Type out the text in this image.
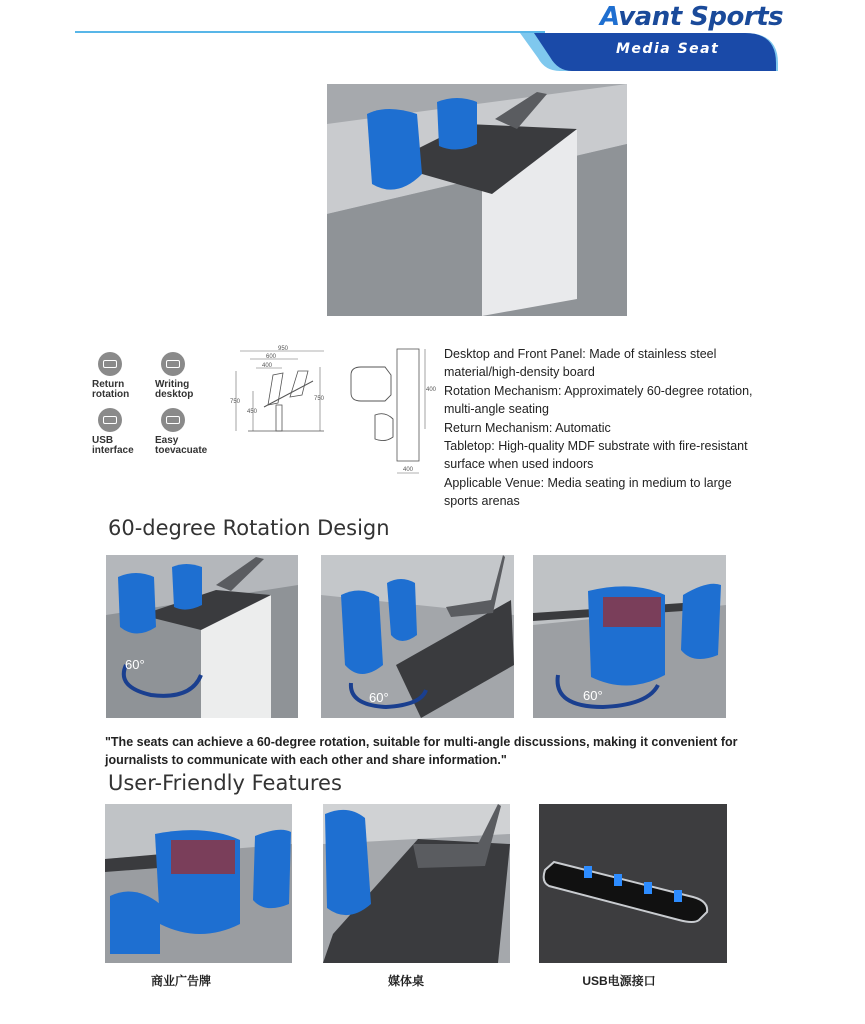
Avant Sports
Media Seat
Return
rotation
Writing
desktop
USB
interface
Easy
toevacuate
950
600
400
750
450
750
400
400
Desktop and Front Panel: Made of stainless steel
material/high-density board
Rotation Mechanism: Approximately 60-degree rotation,
multi-angle seating
Return Mechanism: Automatic
Tabletop: High-quality MDF substrate with fire-resistant
surface when used indoors
Applicable Venue: Media seating in medium to large
sports arenas
60-degree Rotation Design
60°
60°	60°
"The seats can achieve a 60-degree rotation, suitable for multi-angle discussions, making it convenient for
journalists to communicate with each other and share information."
User-Friendly Features
商业广告牌	媒体桌	USB电源接口
